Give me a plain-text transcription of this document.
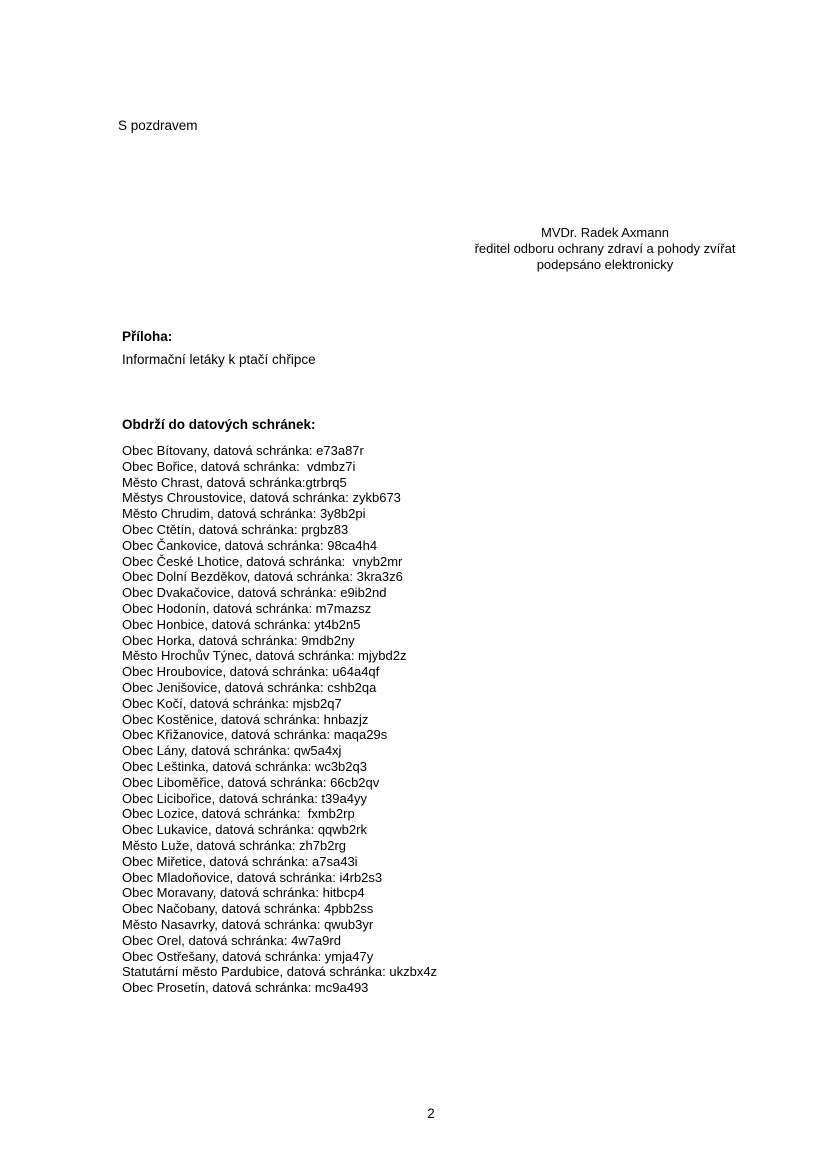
S pozdravem
MVDr. Radek Axmann
ředitel odboru ochrany zdraví a pohody zvířat
podepsáno elektronicky
Příloha:
Informační letáky k ptačí chřipce
Obdrží do datových schránek:
Obec Bítovany, datová schránka: e73a87r
Obec Bořice, datová schránka:  vdmbz7i
Město Chrast, datová schránka:gtrbrq5
Městys Chroustovice, datová schránka: zykb673
Město Chrudim, datová schránka: 3y8b2pi
Obec Ctětín, datová schránka: prgbz83
Obec Čankovice, datová schránka: 98ca4h4
Obec České Lhotice, datová schránka:  vnyb2mr
Obec Dolní Bezděkov, datová schránka: 3kra3z6
Obec Dvakačovice, datová schránka: e9ib2nd
Obec Hodonín, datová schránka: m7mazsz
Obec Honbice, datová schránka: yt4b2n5
Obec Horka, datová schránka: 9mdb2ny
Město Hrochův Týnec, datová schránka: mjybd2z
Obec Hroubovice, datová schránka: u64a4qf
Obec Jenišovice, datová schránka: cshb2qa
Obec Kočí, datová schránka: mjsb2q7
Obec Kostěnice, datová schránka: hnbazjz
Obec Křižanovice, datová schránka: maqa29s
Obec Lány, datová schránka: qw5a4xj
Obec Leštinka, datová schránka: wc3b2q3
Obec Liboměřice, datová schránka: 66cb2qv
Obec Licibořice, datová schránka: t39a4yy
Obec Lozice, datová schránka:  fxmb2rp
Obec Lukavice, datová schránka: qqwb2rk
Město Luže, datová schránka: zh7b2rg
Obec Miřetice, datová schránka: a7sa43i
Obec Mladoňovice, datová schránka: i4rb2s3
Obec Moravany, datová schránka: hitbcp4
Obec Načobany, datová schránka: 4pbb2ss
Město Nasavrky, datová schránka: qwub3yr
Obec Orel, datová schránka: 4w7a9rd
Obec Ostřešany, datová schránka: ymja47y
Statutární město Pardubice, datová schránka: ukzbx4z
Obec Prosetín, datová schránka: mc9a493
2
